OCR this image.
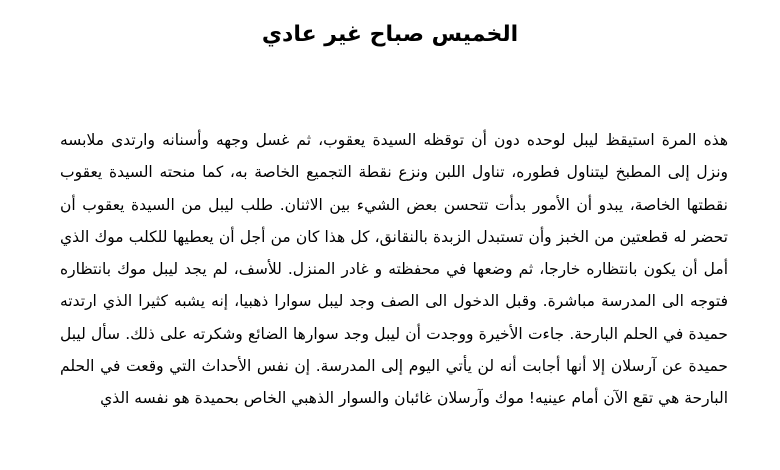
الخميس صباح غير عادي

هذه المرة استيقظ ليبل لوحده دون أن توقظه السيدة يعقوب، ثم غسل وجهه وأسنانه وارتدى ملابسه ونزل إلى المطبخ ليتناول فطوره، تناول اللبن ونزع نقطة التجميع الخاصة به، كما منحته السيدة يعقوب نقطتها الخاصة، يبدو أن الأمور بدأت تتحسن بعض الشيء بين الاثنان. طلب ليبل من السيدة يعقوب أن تحضر له قطعتين من الخبز وأن تستبدل الزبدة بالنقانق، كل هذا كان من أجل أن يعطيها للكلب موك الذي أمل أن يكون بانتظاره خارجا، ثم وضعها في محفظته و غادر المنزل. للأسف، لم يجد ليبل موك بانتظاره فتوجه الى المدرسة مباشرة. وقبل الدخول الى الصف وجد ليبل سوارا ذهبيا، إنه يشبه كثيرا الذي ارتدته حميدة في الحلم البارحة. جاءت الأخيرة ووجدت أن ليبل وجد سوارها الضائع وشكرته على ذلك. سأل ليبل حميدة عن آرسلان إلا أنها أجابت أنه لن يأتي اليوم إلى المدرسة. إن نفس الأحداث التي وقعت في الحلم البارحة هي تقع الآن أمام عينيه! موك وآرسلان غائبان والسوار الذهبي الخاص بحميدة هو نفسه الذي
